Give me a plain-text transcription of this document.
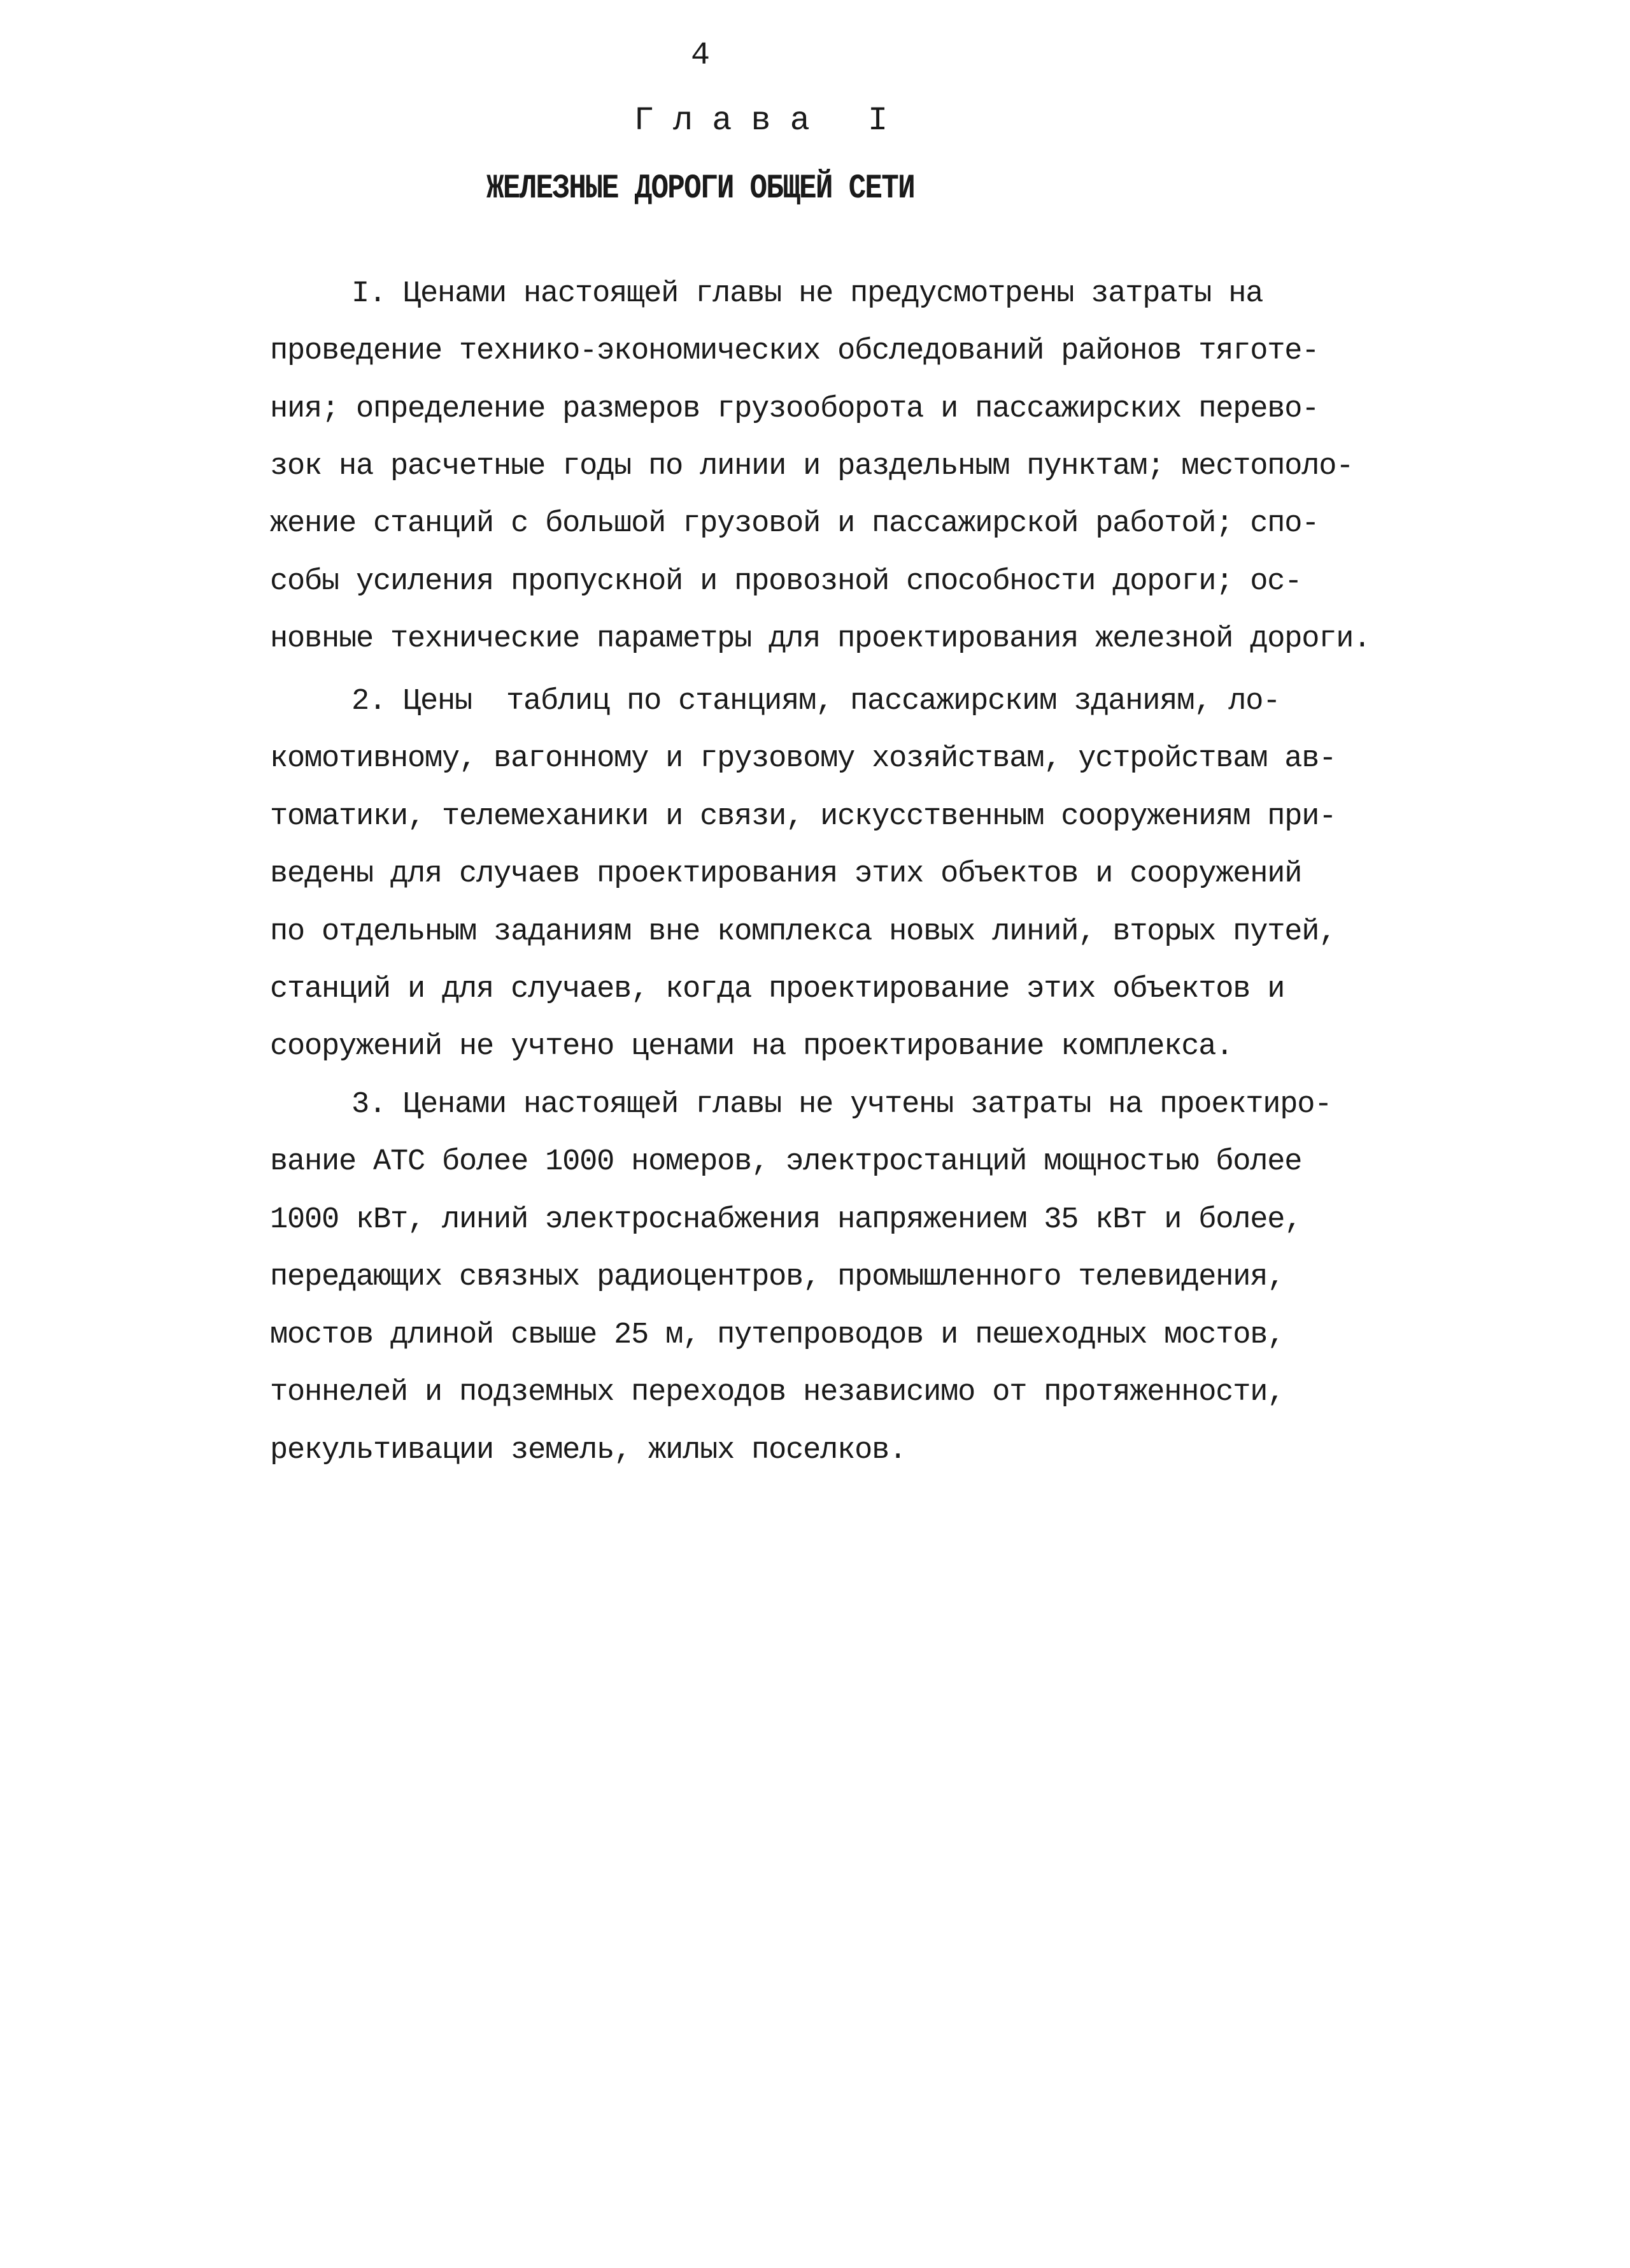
4
Глава I
ЖЕЛЕЗНЫЕ ДОРОГИ ОБЩЕЙ СЕТИ
I. Ценами настоящей главы не предусмотрены затраты на
проведение технико-экономических обследований районов тяготе-
ния; определение размеров грузооборота и пассажирских перево-
зок на расчетные годы по линии и раздельным пунктам; местополо-
жение станций с большой грузовой и пассажирской работой; спо-
собы усиления пропускной и провозной способности дороги; ос-
новные технические параметры для проектирования железной дороги.
2. Цены  таблиц по станциям, пассажирским зданиям, ло-
комотивному, вагонному и грузовому хозяйствам, устройствам ав-
томатики, телемеханики и связи, искусственным сооружениям при-
ведены для случаев проектирования этих объектов и сооружений
по отдельным заданиям вне комплекса новых линий, вторых путей,
станций и для случаев, когда проектирование этих объектов и
сооружений не учтено ценами на проектирование комплекса.
3. Ценами настоящей главы не учтены затраты на проектиро-
вание АТС более 1000 номеров, электростанций мощностью более
1000 кВт, линий электроснабжения напряжением 35 кВт и более,
передающих связных радиоцентров, промышленного телевидения,
мостов длиной свыше 25 м, путепроводов и пешеходных мостов,
тоннелей и подземных переходов независимо от протяженности,
рекультивации земель, жилых поселков.
